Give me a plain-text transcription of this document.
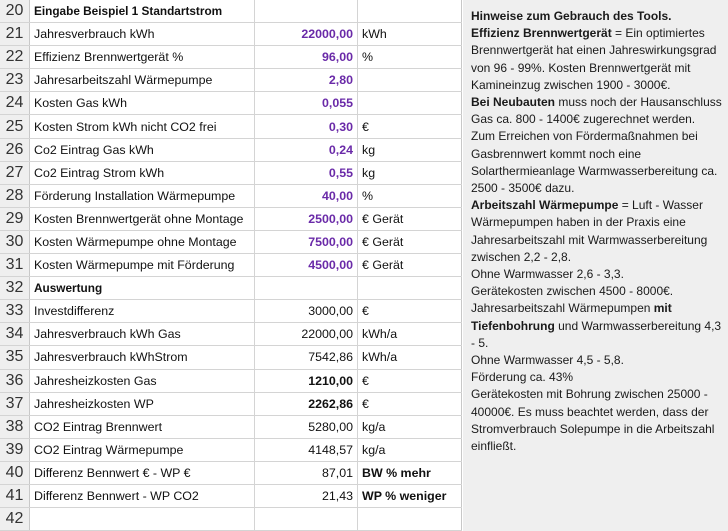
20 Eingabe Beispiel 1 Standartstrom
21 Jahresverbrauch kWh	22000,00 kWh
22 Effizienz Brennwertgerät %	96,00 %
23 Jahresarbeitszahl Wärmepumpe	2,80
24 Kosten Gas kWh	0,055
25 Kosten Strom kWh nicht CO2 frei	0,30 €
26 Co2 Eintrag Gas kWh	0,24 kg
27 Co2 Eintrag Strom kWh	0,55 kg
28 Förderung Installation Wärmepumpe	40,00 %
29 Kosten Brennwertgerät ohne Montage	2500,00 € Gerät
30 Kosten Wärmepumpe ohne Montage	7500,00 € Gerät
31 Kosten Wärmepumpe mit Förderung	4500,00 € Gerät
32 Auswertung
33 Investdifferenz	3000,00 €
34 Jahresverbrauch kWh Gas	22000,00 kWh/a
35 Jahresverbrauch kWhStrom	7542,86 kWh/a
36 Jahresheizkosten Gas	1210,00 €
37 Jahresheizkosten WP	2262,86 €
38 CO2 Eintrag Brennwert	5280,00 kg/a
39 CO2 Eintrag Wärmepumpe	4148,57 kg/a
40 Differenz Bennwert € - WP €	87,01 BW % mehr
41 Differenz Bennwert - WP CO2	21,43 WP % weniger
42

Hinweise zum Gebrauch des Tools.

Effizienz Brennwertgerät = Ein optimiertes Brennwertgerät hat einen Jahreswirkungsgrad von 96 - 99%. Kosten Brennwertgerät mit Kamineinzug zwischen 1900 - 3000€.

Bei Neubauten muss noch der Hausanschluss Gas ca. 800 - 1400€ zugerechnet werden.

Zum Erreichen von Fördermaßnahmen bei Gasbrennwert kommt noch eine Solarthermieanlage Warmwasserbereitung ca. 2500 - 3500€ dazu.

Arbeitszahl Wärmepumpe = Luft - Wasser Wärmepumpen haben in der Praxis eine Jahresarbeitszahl mit Warmwasserbereitung zwischen 2,2 - 2,8.

Ohne Warmwasser 2,6 - 3,3.

Gerätekosten zwischen 4500 - 8000€.

Jahresarbeitszahl Wärmepumpen mit Tiefenbohrung und Warmwasserbereitung 4,3 - 5.

Ohne Warmwasser 4,5 - 5,8.

Förderung ca. 43%

Gerätekosten mit Bohrung zwischen 25000 - 40000€. Es muss beachtet werden, dass der Stromverbrauch Solepumpe in die Arbeitszahl einfließt.
